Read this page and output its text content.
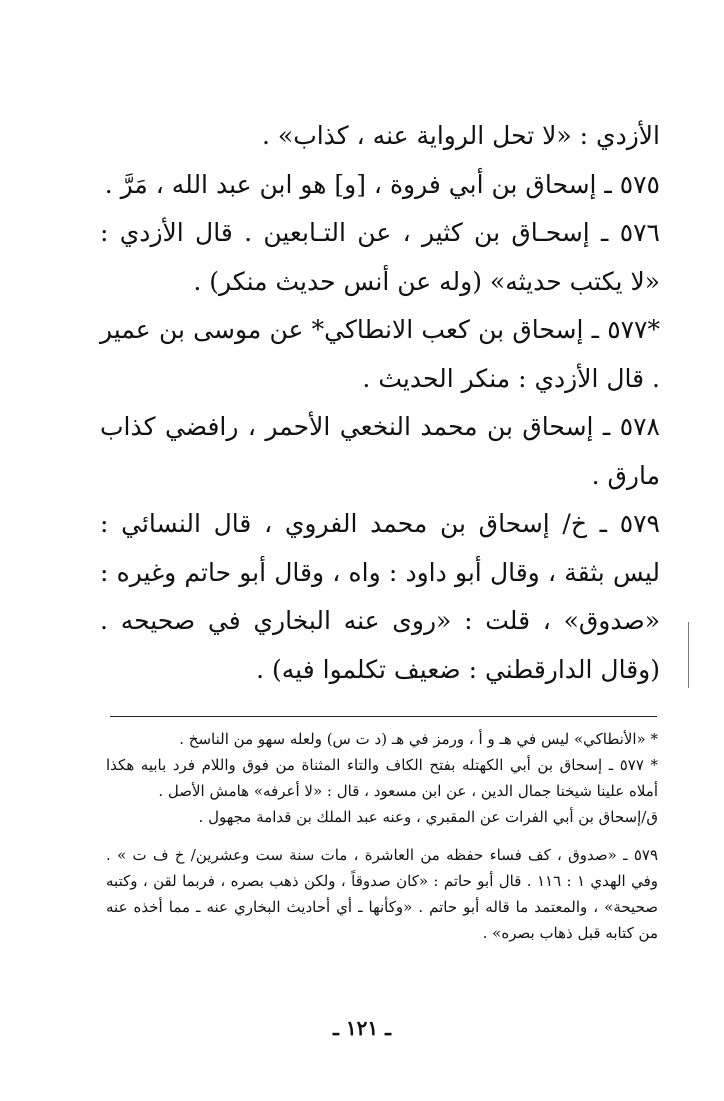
الأزدي : «لا تحل الرواية عنه ، كذاب» .

٥٧٥ ـ إسحاق بن أبي فروة ، [و] هو ابن عبد الله ، مَرَّ .

٥٧٦ ـ إسحـاق بن كثير ، عن التـابعين . قال الأزدي : «لا يكتب حديثه» (وله عن أنس حديث منكر) .

*٥٧٧ ـ إسحاق بن كعب الانطاكي* عن موسى بن عمير . قال الأزدي : منكر الحديث .

٥٧٨ ـ إسحاق بن محمد النخعي الأحمر ، رافضي كذاب مارق .

٥٧٩ ـ خ/ إسحاق بن محمد الفروي ، قال النسائي : ليس بثقة ، وقال أبو داود : واه ، وقال أبو حاتم وغيره : «صدوق» ، قلت : «روى عنه البخاري في صحيحه . (وقال الدارقطني : ضعيف تكلموا فيه) .

* «الأنطاكي» ليس في هـ و أ ، ورمز في هـ (د ت س) ولعله سهو من الناسخ .

* ٥٧٧ ـ إسحاق بن أبي الكهتله بفتح الكاف والتاء المثناة من فوق واللام فرد بابيه هكذا أملاه علينا شيخنا جمال الدين ، عن ابن مسعود ، قال : «لا أعرفه» هامش الأصل .

ق/إسحاق بن أبي الفرات عن المقبري ، وعنه عبد الملك بن قدامة مجهول .

٥٧٩ ـ «صدوق ، كف فساء حفظه من العاشرة ، مات سنة ست وعشرين/ خ ف ت » . وفي الهدي ١ : ١١٦ . قال أبو حاتم : «كان صدوقاً ، ولكن ذهب بصره ، فربما لقن ، وكتبه صحيحة» ، والمعتمد ما قاله أبو حاتم . «وكأنها ـ أي أحاديث البخاري عنه ـ مما أخذه عنه من كتابه قبل ذهاب بصره» .

ـ ١٢١ ـ
